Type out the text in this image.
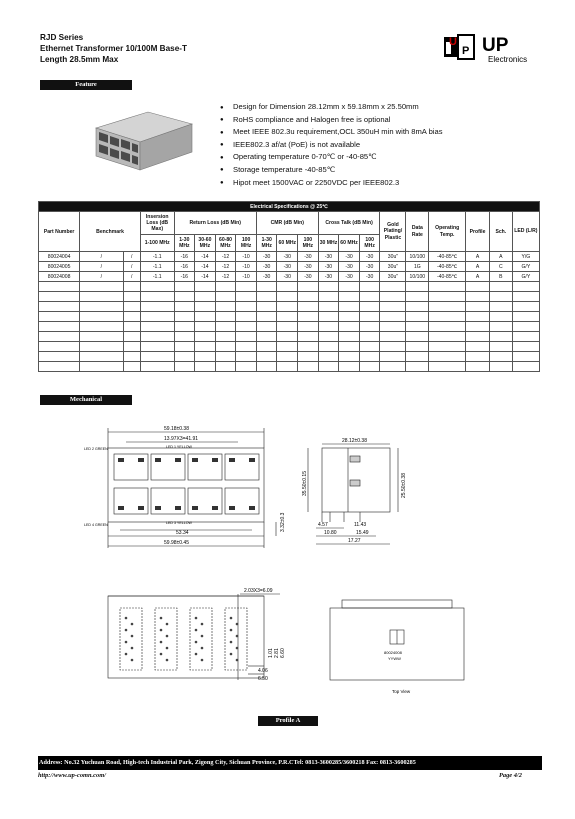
RJD Series
Ethernet Transformer 10/100M Base-T
Length 28.5mm Max
U
P UP
Electronics
Feature
● Design for Dimension 28.12mm x 59.18mm x 25.50mm
● RoHS compliance and Halogen free is optional
● Meet IEEE 802.3u requirement,OCL 350uH min with 8mA bias
● IEEE802.3 af/at (PoE) is not available
● Operating temperature 0-70℃ or -40-85℃
● Storage temperature -40-85℃
● Hipot meet 1500VAC or 2250VDC per IEEE802.3
Electrical Specifications @ 25℃																			
Part Number	Benchmark		Insersion Loss (dB Max)	Return Loss (dB Min)				CMR (dB Min)			Cross Talk (dB Min)			Gold Plating/ Plastic	Data Rate	Operating Temp.	Profile	Sch.	LED (L/R)
			1-100 MHz	1-30 MHz	30-60 MHz	60-80 MHz	100 MHz	1-30 MHz	60 MHz	100 MHz	30 MHz	60 MHz	100 MHz						
80024004	/	/	-1.1	-16	-14	-12	-10	-30	-30	-30	-30	-30	-30	30u"	10/100	-40-85℃	A	A	Y/G
80024005	/	/	-1.1	-16	-14	-12	-10	-30	-30	-30	-30	-30	-30	30u"	1G	-40-85℃	A	C	G/Y
80024008	/	/	-1.1	-16	-14	-12	-10	-30	-30	-30	-30	-30	-30	30u"	10/100	-40-85℃	A	B	G/Y

Mechanical
59.18±0.38
13.97X3=41.91
LED 2 GREEN	LED 1 YELLOW
LED 4 GREEN	LED 3 YELLOW
53.34
59.98±0.45
3.32±0.3
28.12±0.38
35.50±0.15	25.50±0.38
4.57	11.43
10.80	15.49
17.27
2.03X3=6.09
1.01 2.81 6.60
4.06
6.50
80024008
YYWW
Top View
Profile A
Address: No.32 Yuchuan Road, High-tech Industrial Park, Zigong City, Sichuan Province, P.R.CTel: 0813-3600285/3600218 Fax: 0813-3600285
http://www.up-comn.com/	Page 4/2
